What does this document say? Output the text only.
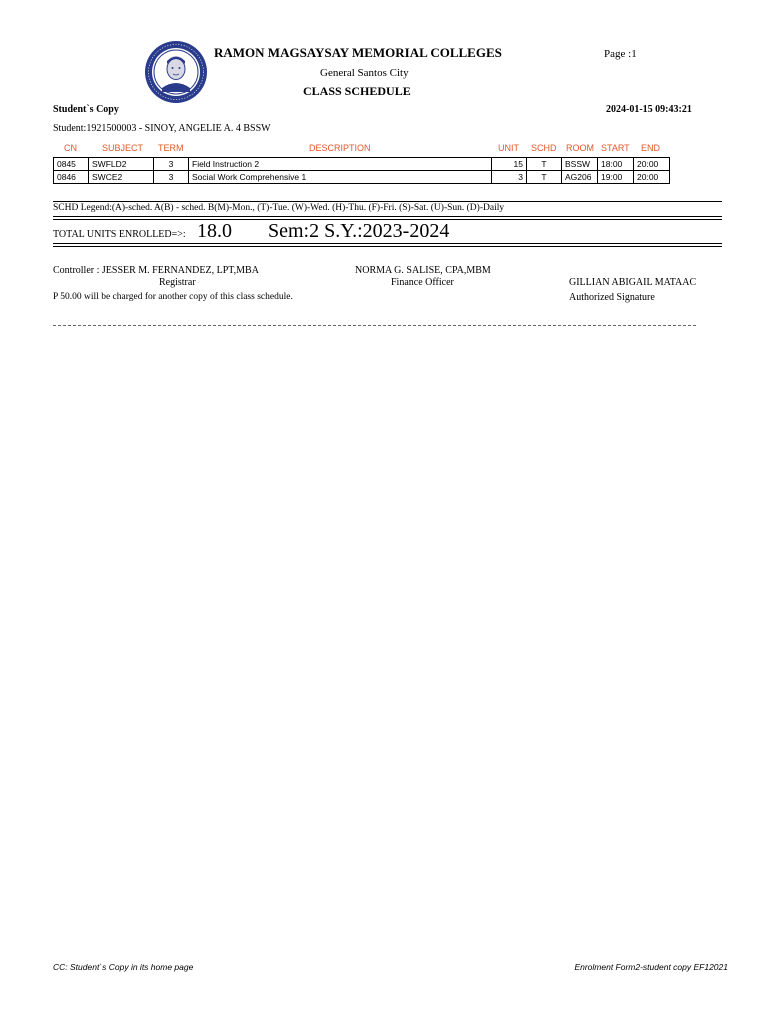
RAMON MAGSAYSAY MEMORIAL COLLEGES
General Santos City
CLASS SCHEDULE
Page :1
Student`s Copy	2024-01-15 09:43:21
Student:1921500003 - SINOY, ANGELIE A. 4 BSSW
CN	SUBJECT TERM	DESCRIPTION	UNIT SCHD ROOM START END
0845	SWFLD2	3	Field Instruction 2	15	T	BSSW	18:00	20:00
0846	SWCE2	3	Social Work Comprehensive 1	3	T	AG206	19:00	20:00
SCHD Legend:(A)-sched. A(B) - sched. B(M)-Mon., (T)-Tue. (W)-Wed. (H)-Thu. (F)-Fri. (S)-Sat. (U)-Sun. (D)-Daily
TOTAL UNITS ENROLLED=>: 18.0 Sem:2 S.Y.:2023-2024
Controller : JESSER M. FERNANDEZ, LPT,MBA
Registrar
NORMA G. SALISE, CPA,MBM
Finance Officer	GILLIAN ABIGAIL MATAAC
Authorized Signature
P 50.00 will be charged for another copy of this class schedule.
CC: Student`s Copy in its home page	Enrolment Form2-student copy EF12021
